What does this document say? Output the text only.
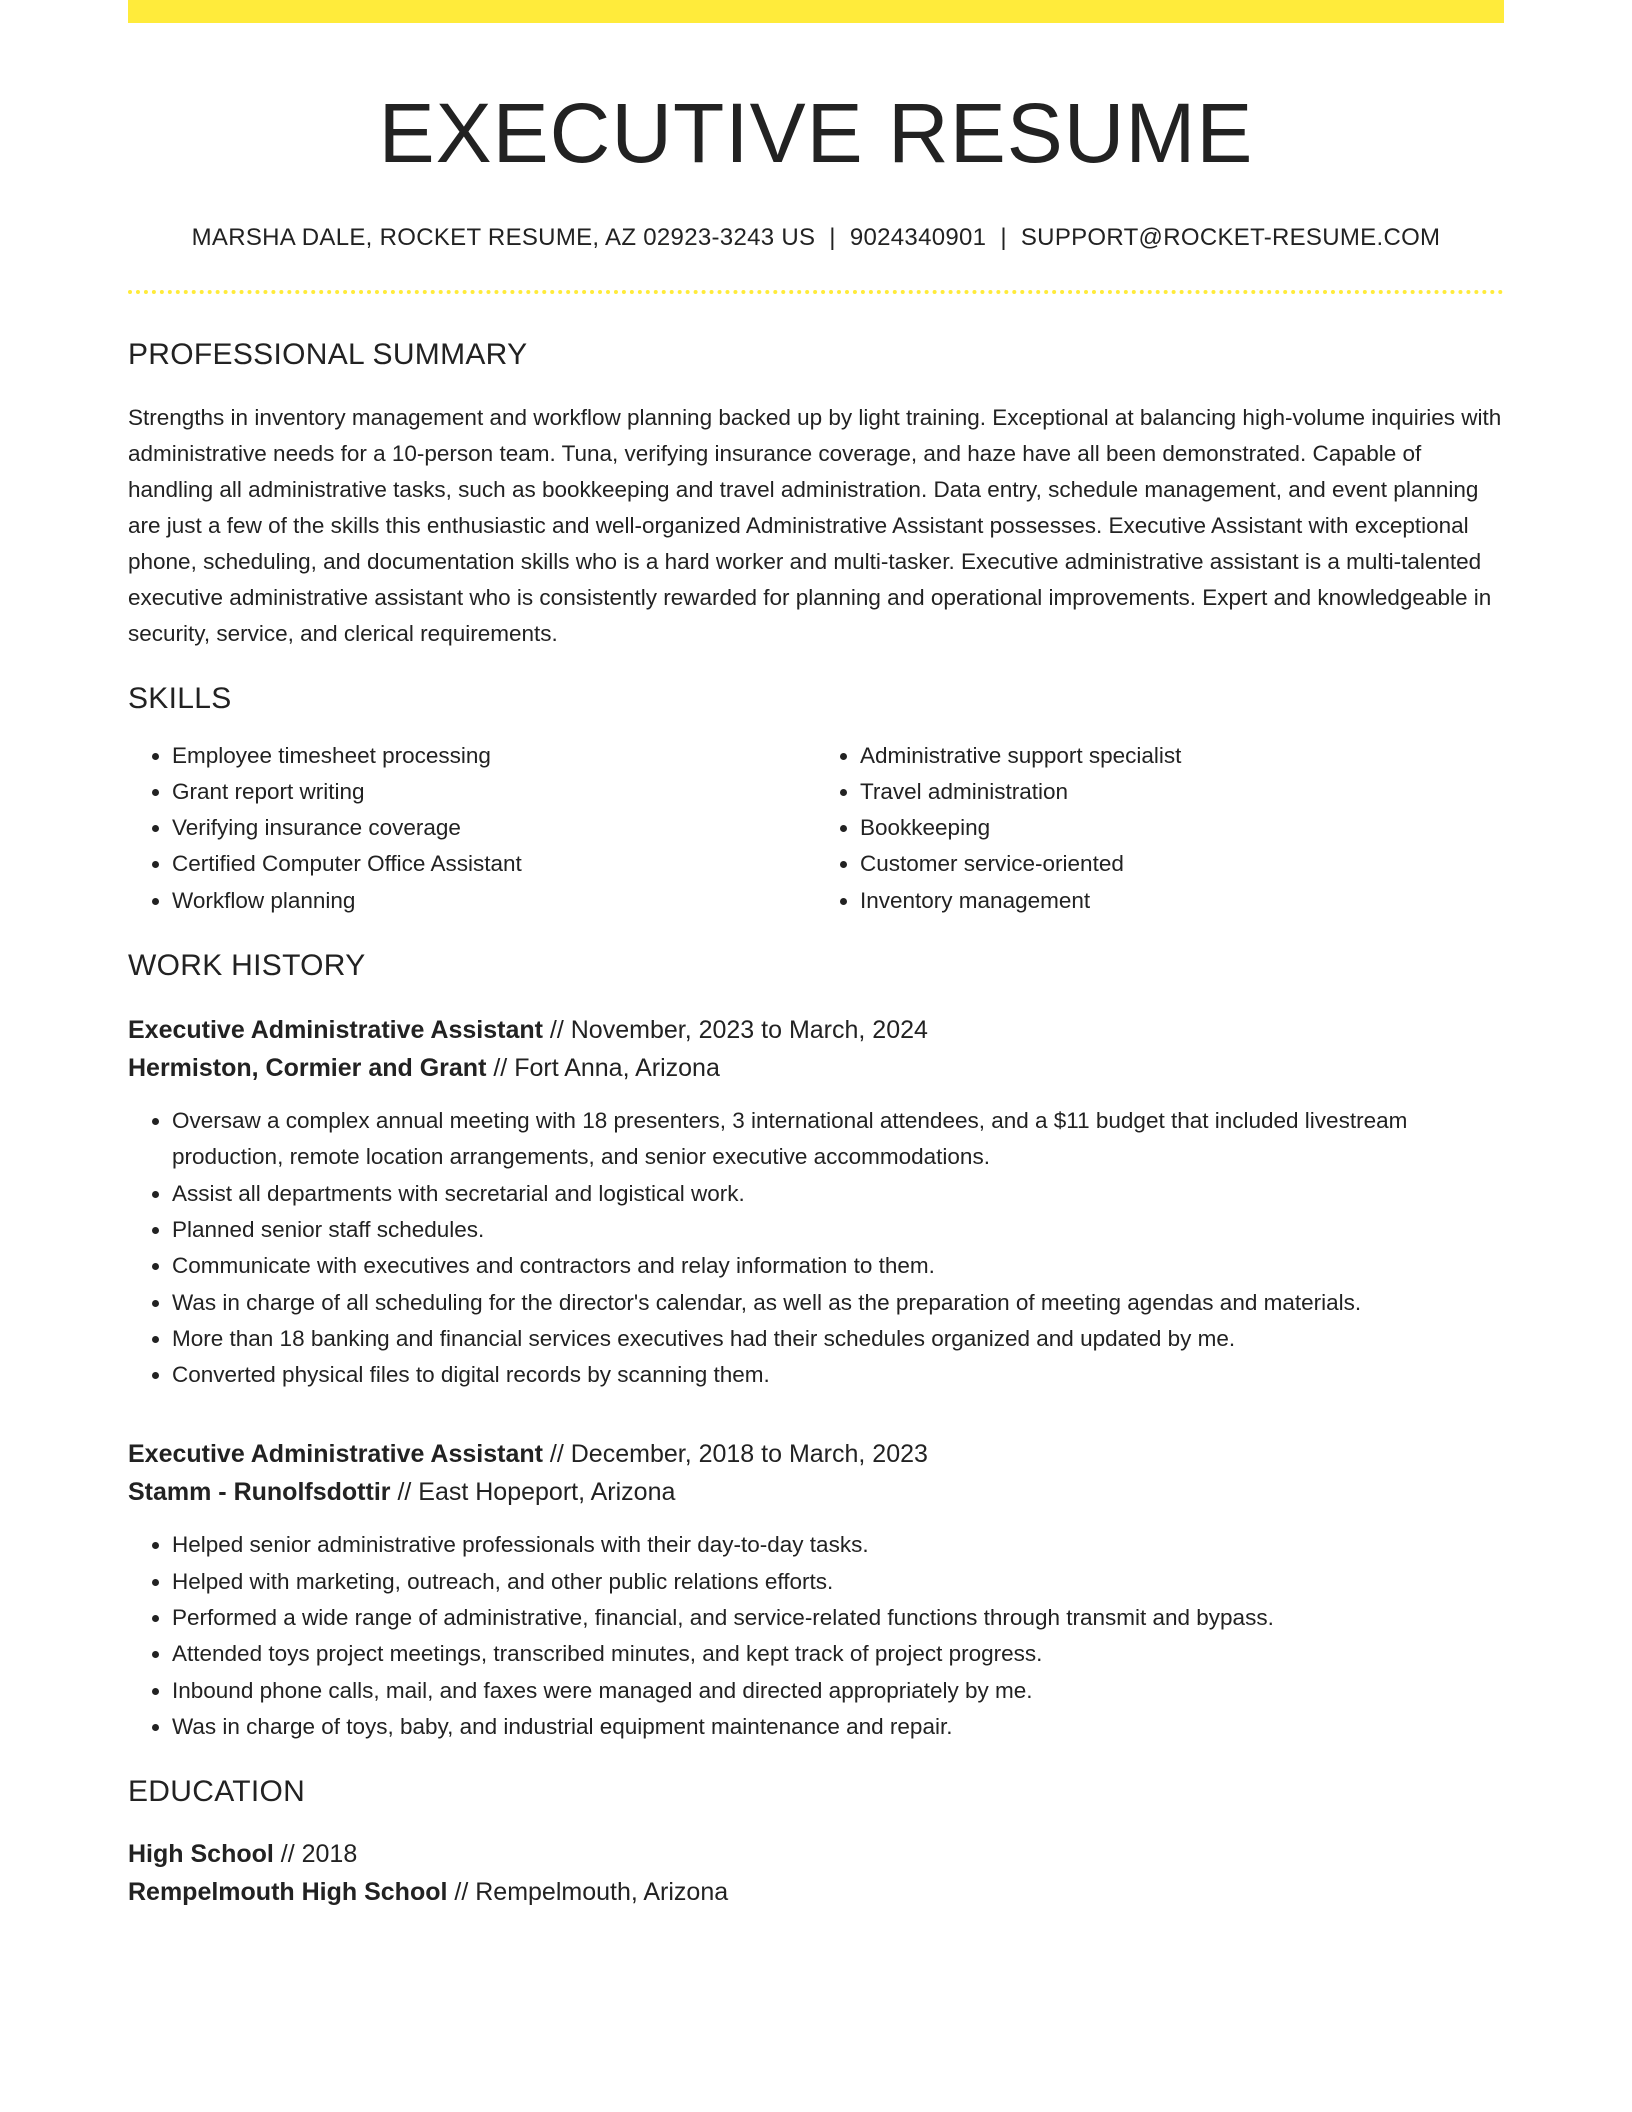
EXECUTIVE RESUME
MARSHA DALE, ROCKET RESUME, AZ 02923-3243 US | 9024340901 | SUPPORT@ROCKET-RESUME.COM
PROFESSIONAL SUMMARY

Strengths in inventory management and workflow planning backed up by light training. Exceptional at balancing high-volume inquiries with administrative needs for a 10-person team. Tuna, verifying insurance coverage, and haze have all been demonstrated. Capable of handling all administrative tasks, such as bookkeeping and travel administration. Data entry, schedule management, and event planning are just a few of the skills this enthusiastic and well-organized Administrative Assistant possesses. Executive Assistant with exceptional phone, scheduling, and documentation skills who is a hard worker and multi-tasker. Executive administrative assistant is a multi-talented executive administrative assistant who is consistently rewarded for planning and operational improvements. Expert and knowledgeable in security, service, and clerical requirements.

SKILLS
• Employee timesheet processing
• Grant report writing
• Verifying insurance coverage
• Certified Computer Office Assistant
• Workflow planning
• Administrative support specialist
• Travel administration
• Bookkeeping
• Customer service-oriented
• Inventory management
WORK HISTORY
Executive Administrative Assistant // November, 2023 to March, 2024
Hermiston, Cormier and Grant // Fort Anna, Arizona
• Oversaw a complex annual meeting with 18 presenters, 3 international attendees, and a $11 budget that included livestream production, remote location arrangements, and senior executive accommodations.
• Assist all departments with secretarial and logistical work.
• Planned senior staff schedules.
• Communicate with executives and contractors and relay information to them.
• Was in charge of all scheduling for the director's calendar, as well as the preparation of meeting agendas and materials.
• More than 18 banking and financial services executives had their schedules organized and updated by me.
• Converted physical files to digital records by scanning them.
Executive Administrative Assistant // December, 2018 to March, 2023
Stamm - Runolfsdottir // East Hopeport, Arizona
• Helped senior administrative professionals with their day-to-day tasks.
• Helped with marketing, outreach, and other public relations efforts.
• Performed a wide range of administrative, financial, and service-related functions through transmit and bypass.
• Attended toys project meetings, transcribed minutes, and kept track of project progress.
• Inbound phone calls, mail, and faxes were managed and directed appropriately by me.
• Was in charge of toys, baby, and industrial equipment maintenance and repair.
EDUCATION
High School // 2018
Rempelmouth High School // Rempelmouth, Arizona
